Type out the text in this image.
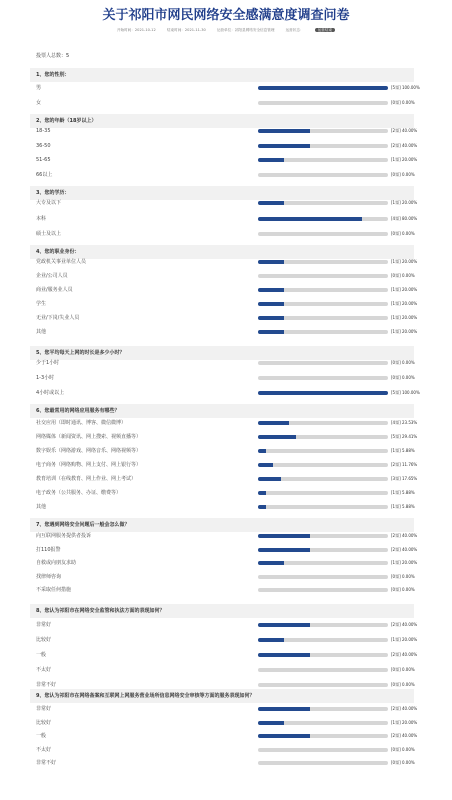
关于祁阳市网民网络安全感满意度调查问卷
开始时间：2021-10-12	结束时间：2021-11-30	运营单位：祁阳县网络安全信息管理	运营状态：	运营结束
投票人总数：5
1、您的性别：
男	[5票] 100.00%
女	[0票] 0.00%
2、您的年龄（18岁以上）
18-35	[2票] 40.00%
36-50	[2票] 40.00%
51-65	[1票] 20.00%
66以上	[0票] 0.00%
3、您的学历：
大专及以下	[1票] 20.00%
本科	[4票] 80.00%
硕士及以上	[0票] 0.00%
4、您的职业身份：
党政机关事业单位人员	[1票] 20.00%
企业/公司人员	[0票] 0.00%
商业/服务业人员	[1票] 20.00%
学生	[1票] 20.00%
无业/下岗/失业人员	[1票] 20.00%
其他	[1票] 20.00%
5、您平均每天上网的时长是多少小时？
少于1小时	[0票] 0.00%
1-3小时	[0票] 0.00%
4小时或以上	[5票] 100.00%
6、您最常用的网络应用服务有哪些？
社交应用（即时通讯、博客、微信微博）	[4票] 23.53%
网络媒体（新闻资讯、网上搜索、视频直播等）	[5票] 29.41%
数字娱乐（网络游戏、网络音乐、网络视频等）	[1票] 5.88%
电子商务（网络购物、网上支付、网上银行等）	[2票] 11.76%
教育培训（在线教育、网上作业、网上考试）	[3票] 17.65%
电子政务（公共服务、办证、缴费等）	[1票] 5.88%
其他	[1票] 5.88%
7、您遇到网络安全问题后一般会怎么做？
向互联网服务提供者投诉	[2票] 40.00%
打110报警	[2票] 40.00%
自救或向朋友求助	[1票] 20.00%
找律师咨询	[0票] 0.00%
不采取任何措施	[0票] 0.00%
8、您认为祁阳市在网络安全监管和执法方面的表现如何？
非常好	[2票] 40.00%
比较好	[1票] 20.00%
一般	[2票] 40.00%
不太好	[0票] 0.00%
非常不好	[0票] 0.00%
9、您认为祁阳市在网络备案和互联网上网服务营业场所信息网络安全审核等方面的服务表现如何？
非常好	[2票] 40.00%
比较好	[1票] 20.00%
一般	[2票] 40.00%
不太好	[0票] 0.00%
非常不好	[0票] 0.00%
